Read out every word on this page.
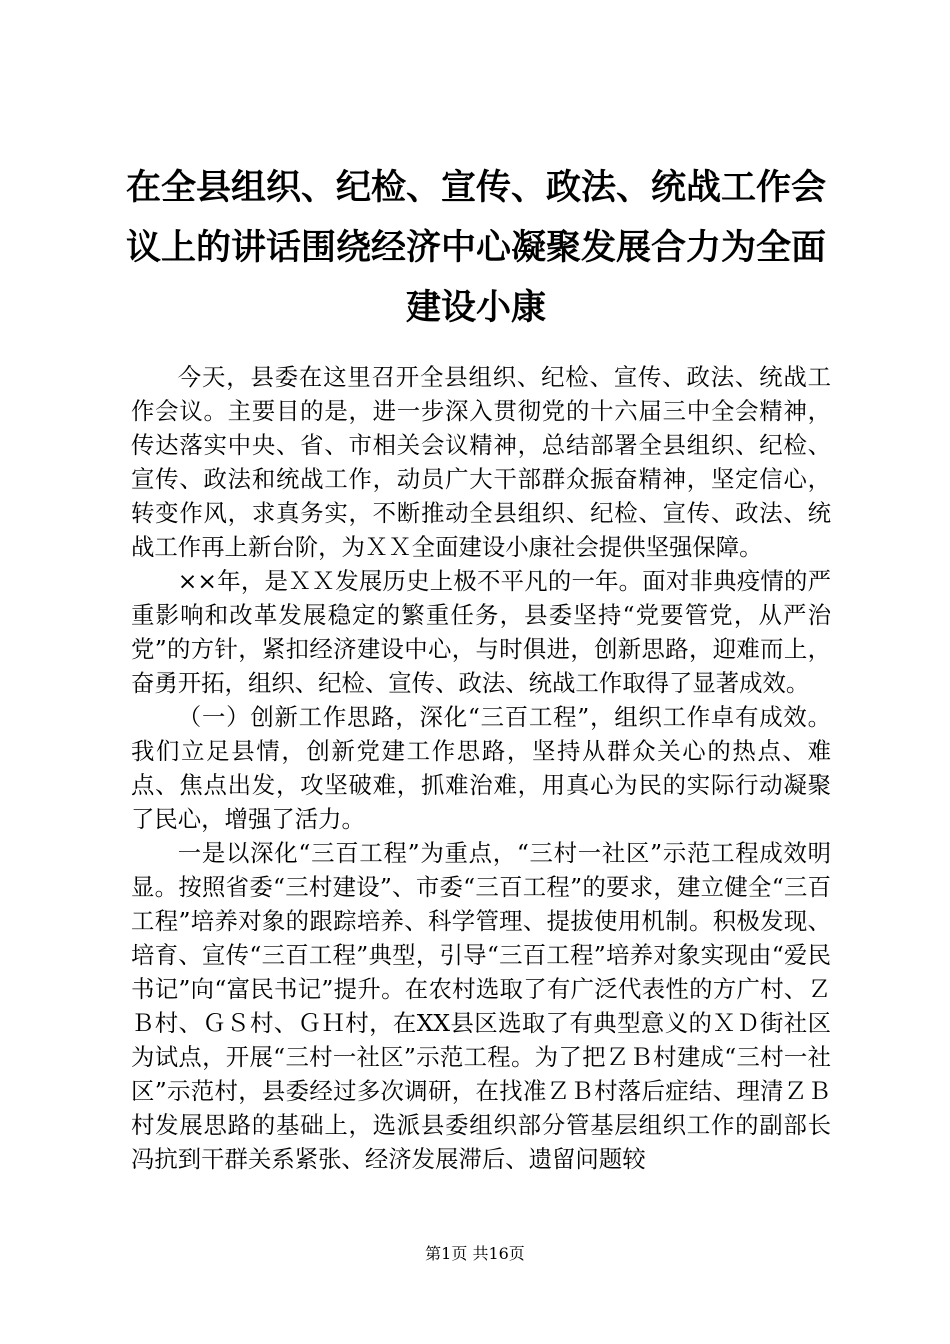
在全县组织、纪检、宣传、政法、统战工作会议上的讲话围绕经济中心凝聚发展合力为全面建设小康

今天，县委在这里召开全县组织、纪检、宣传、政法、统战工作会议。主要目的是，进一步深入贯彻党的十六届三中全会精神，传达落实中央、省、市相关会议精神，总结部署全县组织、纪检、宣传、政法和统战工作，动员广大干部群众振奋精神，坚定信心，转变作风，求真务实，不断推动全县组织、纪检、宣传、政法、统战工作再上新台阶，为ＸＸ全面建设小康社会提供坚强保障。

××年，是ＸＸ发展历史上极不平凡的一年。面对非典疫情的严重影响和改革发展稳定的繁重任务，县委坚持“党要管党，从严治党”的方针，紧扣经济建设中心，与时俱进，创新思路，迎难而上，奋勇开拓，组织、纪检、宣传、政法、统战工作取得了显著成效。

（一）创新工作思路，深化“三百工程”，组织工作卓有成效。我们立足县情，创新党建工作思路，坚持从群众关心的热点、难点、焦点出发，攻坚破难，抓难治难，用真心为民的实际行动凝聚了民心，增强了活力。

一是以深化“三百工程”为重点，“三村一社区”示范工程成效明显。按照省委“三村建设”、市委“三百工程”的要求，建立健全“三百工程”培养对象的跟踪培养、科学管理、提拔使用机制。积极发现、培育、宣传“三百工程”典型，引导“三百工程”培养对象实现由“爱民书记”向“富民书记”提升。在农村选取了有广泛代表性的方广村、ＺＢ村、ＧＳ村、ＧＨ村，在XX县区选取了有典型意义的ＸＤ街社区为试点，开展“三村一社区”示范工程。为了把ＺＢ村建成“三村一社区”示范村，县委经过多次调研，在找准ＺＢ村落后症结、理清ＺＢ村发展思路的基础上，选派县委组织部分管基层组织工作的副部长冯抗到干群关系紧张、经济发展滞后、遗留问题较

第1页 共16页
